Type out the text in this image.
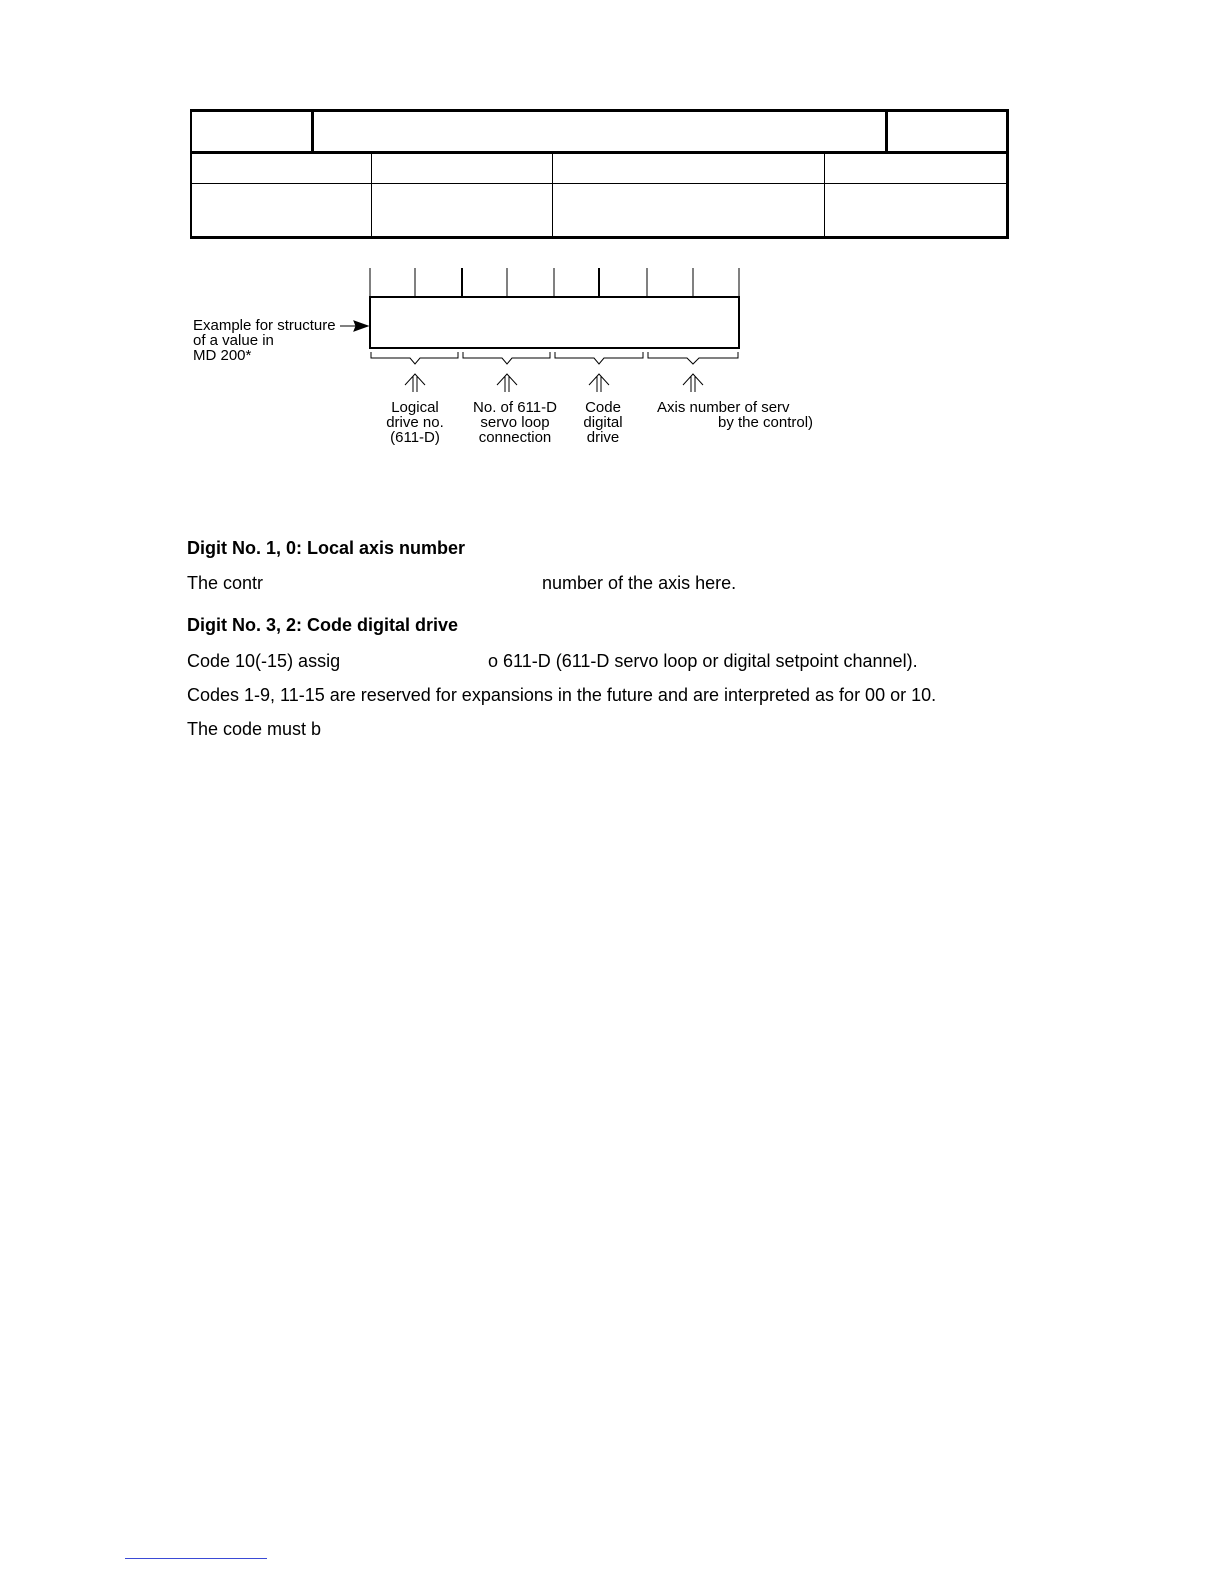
Example for structure
of a value in
MD 200*
Logical
drive no.
(611-D)
No. of 611-D
servo loop
connection
Code
digital
drive
Axis number of serv
by the control)
Digit No. 1, 0: Local axis number
The contr	number of the axis here.
Digit No. 3, 2: Code digital drive
Code 10(-15) assig	o 611-D (611-D servo loop or digital setpoint channel).
Codes 1-9, 11-15 are reserved for expansions in the future and are interpreted as for 00 or 10.
The code must b
